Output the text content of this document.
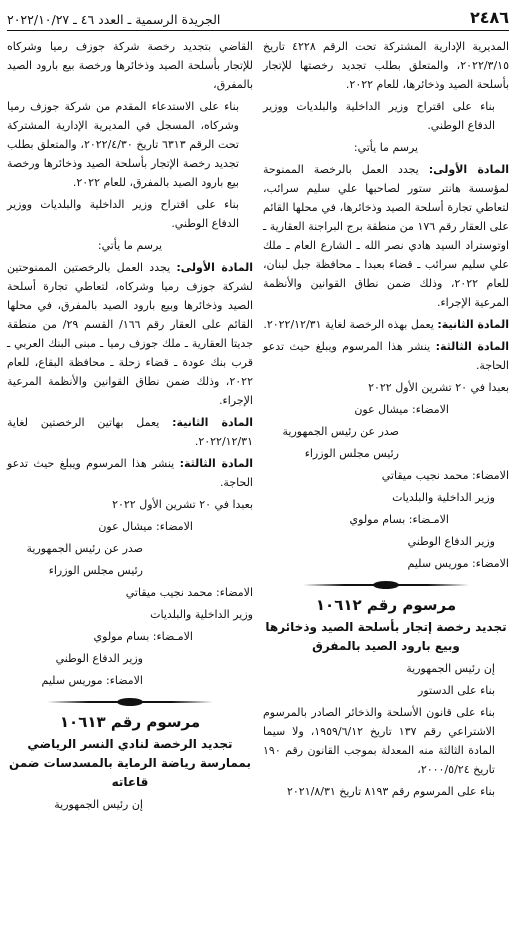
٢٤٨٦
الجريدة الرسمية ـ العدد ٤٦ ـ ٢٠٢٢/١٠/٢٧

المديرية الإدارية المشتركة تحت الرقم ٤٢٢٨ تاريخ ٢٠٢٢/٣/١٥، والمتعلق بطلب تجديد رخصتها للإتجار بأسلحة الصيد وذخائرها، للعام ٢٠٢٢.

بناء على اقتراح وزير الداخلية والبلديات ووزير الدفاع الوطني.

يرسم ما يأتي:

المادة الأولى: يجدد العمل بالرخصة الممنوحة لمؤسسة هانتر ستور لصاحبها علي سليم سرائب، لتعاطي تجارة أسلحة الصيد وذخائرها، في محلها القائم على العقار رقم ١٧٦ من منطقة برج البراجنة العقارية ـ اوتوستراد السيد هادي نصر الله ـ الشارع العام ـ ملك علي سليم سرائب ـ قضاء بعبدا ـ محافظة جبل لبنان، للعام ٢٠٢٢، وذلك ضمن نطاق القوانين والأنظمة المرعية الإجراء.

المادة الثانية: يعمل بهذه الرخصة لغاية ٢٠٢٢/١٢/٣١.

المادة الثالثة: ينشر هذا المرسوم ويبلغ حيث تدعو الحاجة.

بعبدا في ٢٠ تشرين الأول ٢٠٢٢

الامضاء: ميشال عون

صدر عن رئيس الجمهورية

رئيس مجلس الوزراء

الامضاء: محمد نجيب ميقاتي

وزير الداخلية والبلديات

الامـضاء: بسام مولوي

وزير الدفاع الوطني

الامضاء: موريس سليم

مرسوم رقم ١٠٦١٢

تجديد رخصة إتجار بأسلحة الصيد وذخائرها وبيع بارود الصيد بالمفرق

إن رئيس الجمهورية

بناء على الدستور

بناء على قانون الأسلحة والذخائر الصادر بالمرسوم الاشتراعي رقم ١٣٧ تاريخ ١٩٥٩/٦/١٢، ولا سيما المادة الثالثة منه المعدلة بموجب القانون رقم ١٩٠ تاريخ ٢٠٠٠/٥/٢٤،

بناء على المرسوم رقم ٨١٩٣ تاريخ ٢٠٢١/٨/٣١

القاضي بتجديد رخصة شركة جوزف رميا وشركاه للإتجار بأسلحة الصيد وذخائرها ورخصة بيع بارود الصيد بالمفرق،

بناء على الاستدعاء المقدم من شركة جوزف رميا وشركاه، المسجل في المديرية الإدارية المشتركة تحت الرقم ٦٣١٣ تاريخ ٢٠٢٢/٤/٣٠، والمتعلق بطلب تجديد رخصة الإتجار بأسلحة الصيد وذخائرها ورخصة بيع بارود الصيد بالمفرق، للعام ٢٠٢٢.

بناء على اقتراح وزير الداخلية والبلديات ووزير الدفاع الوطني.

يرسم ما يأتي:

المادة الأولى: يجدد العمل بالرخصتين الممنوحتين لشركة جوزف رميا وشركاه، لتعاطي تجارة أسلحة الصيد وذخائرها وبيع بارود الصيد بالمفرق، في محلها القائم على العقار رقم ١٦٦/ القسم ٢٩/ من منطقة جديتا العقارية ـ ملك جوزف رميا ـ مبنى البنك العربي ـ قرب بنك عودة ـ قضاء زحلة ـ محافظة البقاع، للعام ٢٠٢٢، وذلك ضمن نطاق القوانين والأنظمة المرعية الإجراء.

المادة الثانية: يعمل بهاتين الرخصتين لغاية ٢٠٢٢/١٢/٣١.

المادة الثالثة: ينشر هذا المرسوم ويبلغ حيث تدعو الحاجة.

بعبدا في ٢٠ تشرين الأول ٢٠٢٢

الامضاء: ميشال عون

صدر عن رئيس الجمهورية

رئيس مجلس الوزراء

الامضاء: محمد نجيب ميقاتي

وزير الداخلية والبلديات

الامـضاء: بسام مولوي

وزير الدفاع الوطني

الامضاء: موريس سليم

مرسوم رقم ١٠٦١٣

تجديد الرخصة لنادي النسر الرياضي بممارسة رياضة الرماية بالمسدسات ضمن قاعاته

إن رئيس الجمهورية
